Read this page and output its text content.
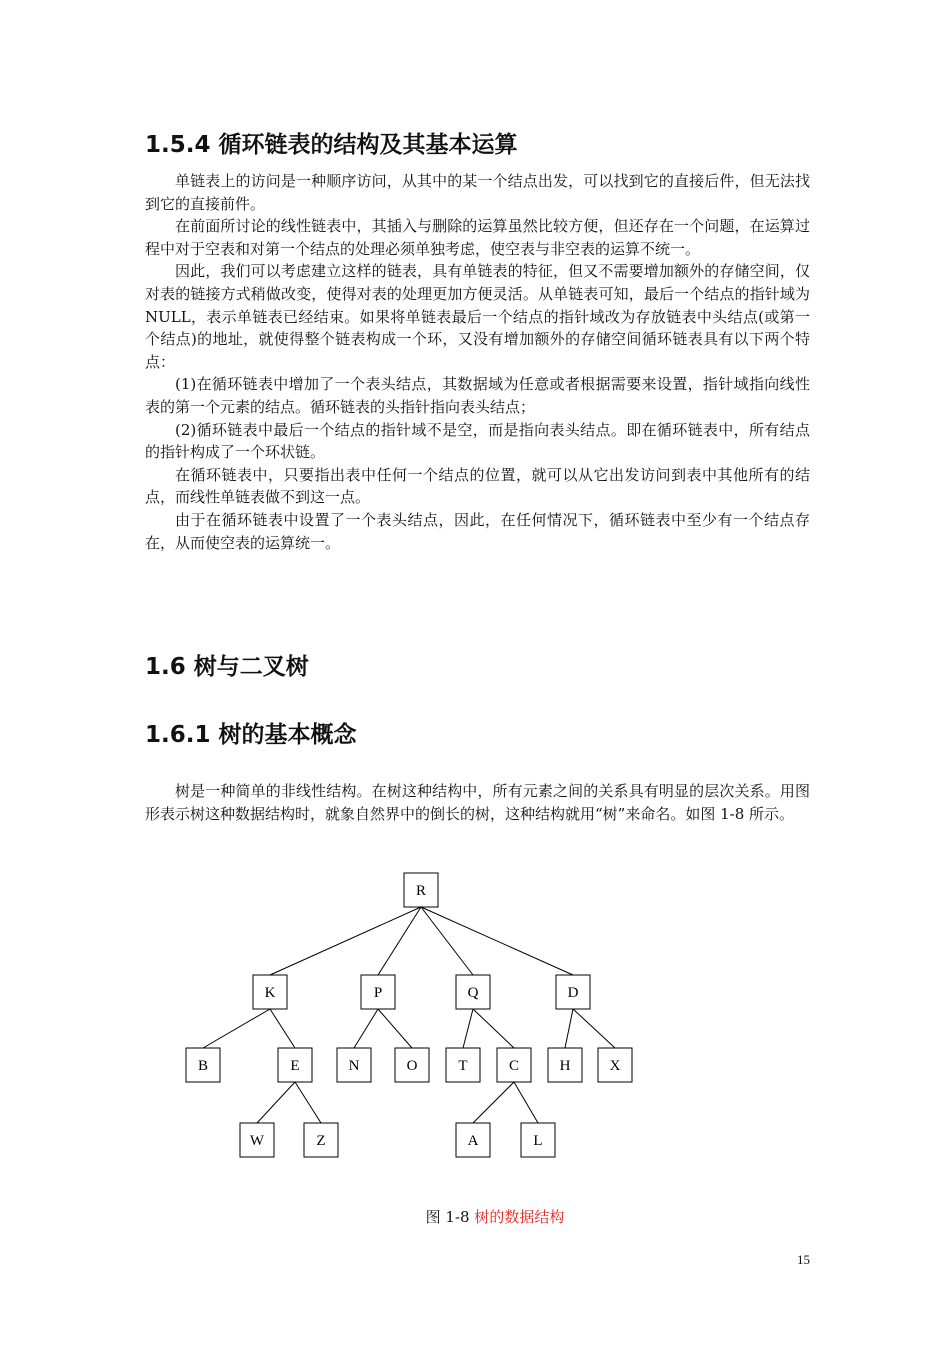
1.5.4 循环链表的结构及其基本运算

单链表上的访问是一种顺序访问，从其中的某一个结点出发，可以找到它的直接后件，但无法找到它的直接前件。

在前面所讨论的线性链表中，其插入与删除的运算虽然比较方便，但还存在一个问题，在运算过程中对于空表和对第一个结点的处理必须单独考虑，使空表与非空表的运算不统一。

因此，我们可以考虑建立这样的链表，具有单链表的特征，但又不需要增加额外的存储空间，仅对表的链接方式稍做改变，使得对表的处理更加方便灵活。从单链表可知，最后一个结点的指针域为 NULL，表示单链表已经结束。如果将单链表最后一个结点的指针域改为存放链表中头结点(或第一个结点)的地址，就使得整个链表构成一个环，又没有增加额外的存储空间循环链表具有以下两个特点：

(1)在循环链表中增加了一个表头结点，其数据域为任意或者根据需要来设置，指针域指向线性表的第一个元素的结点。循环链表的头指针指向表头结点；

(2)循环链表中最后一个结点的指针域不是空，而是指向表头结点。即在循环链表中，所有结点的指针构成了一个环状链。

在循环链表中，只要指出表中任何一个结点的位置，就可以从它出发访问到表中其他所有的结点，而线性单链表做不到这一点。

由于在循环链表中设置了一个表头结点，因此，在任何情况下，循环链表中至少有一个结点存在，从而使空表的运算统一。

1.6 树与二叉树
1.6.1 树的基本概念

树是一种简单的非线性结构。在树这种结构中，所有元素之间的关系具有明显的层次关系。用图形表示树这种数据结构时，就象自然界中的倒长的树，这种结构就用“树”来命名。如图 1-8 所示。

R
K	P	Q	D
B	E	N	O	T	C	H	X
W	Z	A	L
图 1-8 树的数据结构
15
